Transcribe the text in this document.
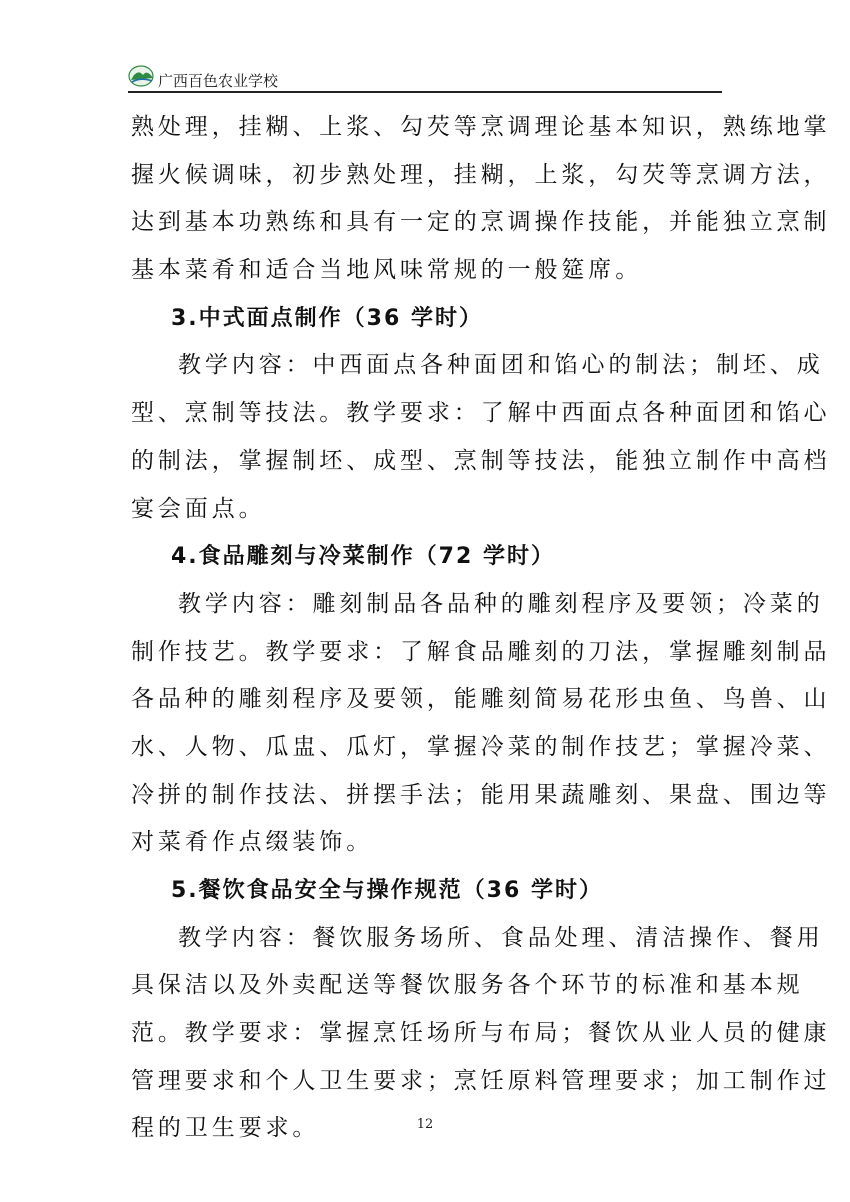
广西百色农业学校
熟处理，挂糊、上浆、勾芡等烹调理论基本知识，熟练地掌
握火候调味，初步熟处理，挂糊，上浆，勾芡等烹调方法，
达到基本功熟练和具有一定的烹调操作技能，并能独立烹制
基本菜肴和适合当地风味常规的一般筵席。
3.中式面点制作（36 学时）
教学内容：中西面点各种面团和馅心的制法；制坯、成
型、烹制等技法。教学要求：了解中西面点各种面团和馅心
的制法，掌握制坯、成型、烹制等技法，能独立制作中高档
宴会面点。
4.食品雕刻与冷菜制作（72 学时）
教学内容：雕刻制品各品种的雕刻程序及要领；冷菜的
制作技艺。教学要求：了解食品雕刻的刀法，掌握雕刻制品
各品种的雕刻程序及要领，能雕刻简易花形虫鱼、鸟兽、山
水、人物、瓜盅、瓜灯，掌握冷菜的制作技艺；掌握冷菜、
冷拼的制作技法、拼摆手法；能用果蔬雕刻、果盘、围边等
对菜肴作点缀装饰。
5.餐饮食品安全与操作规范（36 学时）
教学内容：餐饮服务场所、食品处理、清洁操作、餐用
具保洁以及外卖配送等餐饮服务各个环节的标准和基本规
范。教学要求：掌握烹饪场所与布局；餐饮从业人员的健康
管理要求和个人卫生要求；烹饪原料管理要求；加工制作过
程的卫生要求。	12
